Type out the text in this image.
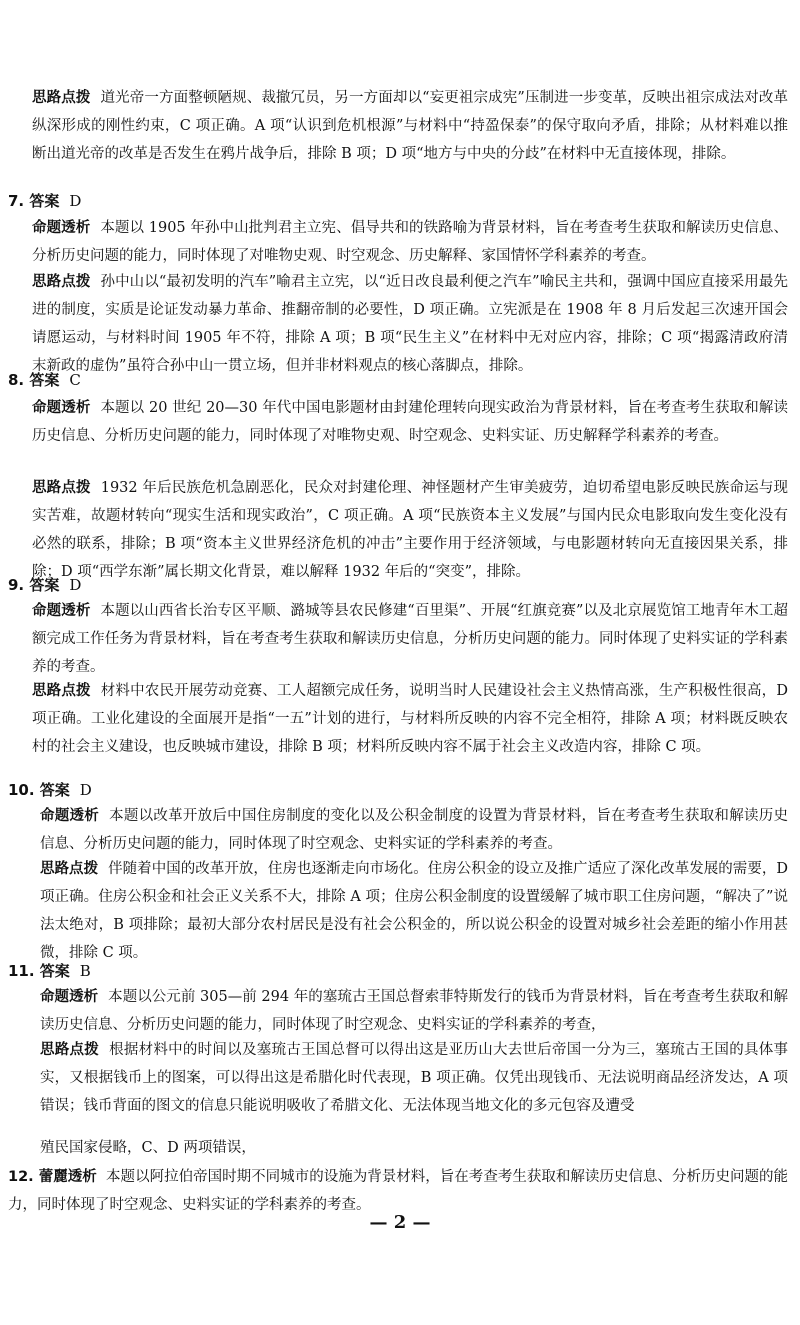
思路点拨 道光帝一方面整顿陋规、裁撤冗员，另一方面却以“妄更祖宗成宪”压制进一步变革，反映出祖宗成法对改革纵深形成的刚性约束，C 项正确。A 项“认识到危机根源”与材料中“持盈保泰”的保守取向矛盾，排除；从材料难以推断出道光帝的改革是否发生在鸦片战争后，排除 B 项；D 项“地方与中央的分歧”在材料中无直接体现，排除。
7. 答案 D
命题透析 本题以 1905 年孙中山批判君主立宪、倡导共和的铁路喻为背景材料，旨在考查考生获取和解读历史信息、分析历史问题的能力，同时体现了对唯物史观、时空观念、历史解释、家国情怀学科素养的考查。
思路点拨 孙中山以“最初发明的汽车”喻君主立宪，以“近日改良最利便之汽车”喻民主共和，强调中国应直接采用最先进的制度，实质是论证发动暴力革命、推翻帝制的必要性，D 项正确。立宪派是在 1908 年 8 月后发起三次速开国会请愿运动，与材料时间 1905 年不符，排除 A 项；B 项“民生主义”在材料中无对应内容，排除；C 项“揭露清政府清末新政的虚伪”虽符合孙中山一贯立场，但并非材料观点的核心落脚点，排除。
8. 答案 C
命题透析 本题以 20 世纪 20—30 年代中国电影题材由封建伦理转向现实政治为背景材料，旨在考查考生获取和解读历史信息、分析历史问题的能力，同时体现了对唯物史观、时空观念、史料实证、历史解释学科素养的考查。
思路点拨 1932 年后民族危机急剧恶化，民众对封建伦理、神怪题材产生审美疲劳，迫切希望电影反映民族命运与现实苦难，故题材转向“现实生活和现实政治”，C 项正确。A 项“民族资本主义发展”与国内民众电影取向发生变化没有必然的联系，排除；B 项“资本主义世界经济危机的冲击”主要作用于经济领域，与电影题材转向无直接因果关系，排除；D 项“西学东渐”属长期文化背景，难以解释 1932 年后的“突变”，排除。
9. 答案 D
命题透析 本题以山西省长治专区平顺、潞城等县农民修建“百里渠”、开展“红旗竞赛”以及北京展览馆工地青年木工超额完成工作任务为背景材料，旨在考查考生获取和解读历史信息，分析历史问题的能力。同时体现了史料实证的学科素养的考查。
思路点拨 材料中农民开展劳动竞赛、工人超额完成任务，说明当时人民建设社会主义热情高涨，生产积极性很高，D 项正确。工业化建设的全面展开是指“一五”计划的进行，与材料所反映的内容不完全相符，排除 A 项；材料既反映农村的社会主义建设，也反映城市建设，排除 B 项；材料所反映内容不属于社会主义改造内容，排除 C 项。
10. 答案 D
命题透析 本题以改革开放后中国住房制度的变化以及公积金制度的设置为背景材料，旨在考查考生获取和解读历史信息、分析历史问题的能力，同时体现了时空观念、史料实证的学科素养的考查。
思路点拨 伴随着中国的改革开放，住房也逐渐走向市场化。住房公积金的设立及推广适应了深化改革发展的需要，D 项正确。住房公积金和社会正义关系不大，排除 A 项；住房公积金制度的设置缓解了城市职工住房问题，“解决了”说法太绝对，B 项排除；最初大部分农村居民是没有社会公积金的，所以说公积金的设置对城乡社会差距的缩小作用甚微，排除 C 项。
11. 答案 B
命题透析 本题以公元前 305—前 294 年的塞琉古王国总督索菲特斯发行的钱币为背景材料，旨在考查考生获取和解读历史信息、分析历史问题的能力，同时体现了时空观念、史料实证的学科素养的考查，
思路点拨 根据材料中的时间以及塞琉古王国总督可以得出这是亚历山大去世后帝国一分为三，塞琉古王国的具体事实，又根据钱币上的图案，可以得出这是希腊化时代表现，B 项正确。仅凭出现钱币、无法说明商品经济发达，A 项错误；钱币背面的图文的信息只能说明吸收了希腊文化、无法体现当地文化的多元包容及遭受
殖民国家侵略，C、D 两项错误，
12. 蕾麗透析 本题以阿拉伯帝国时期不同城市的设施为背景材料，旨在考查考生获取和解读历史信息、分析历史问题的能力，同时体现了时空观念、史料实证的学科素养的考查。
— 2 —
